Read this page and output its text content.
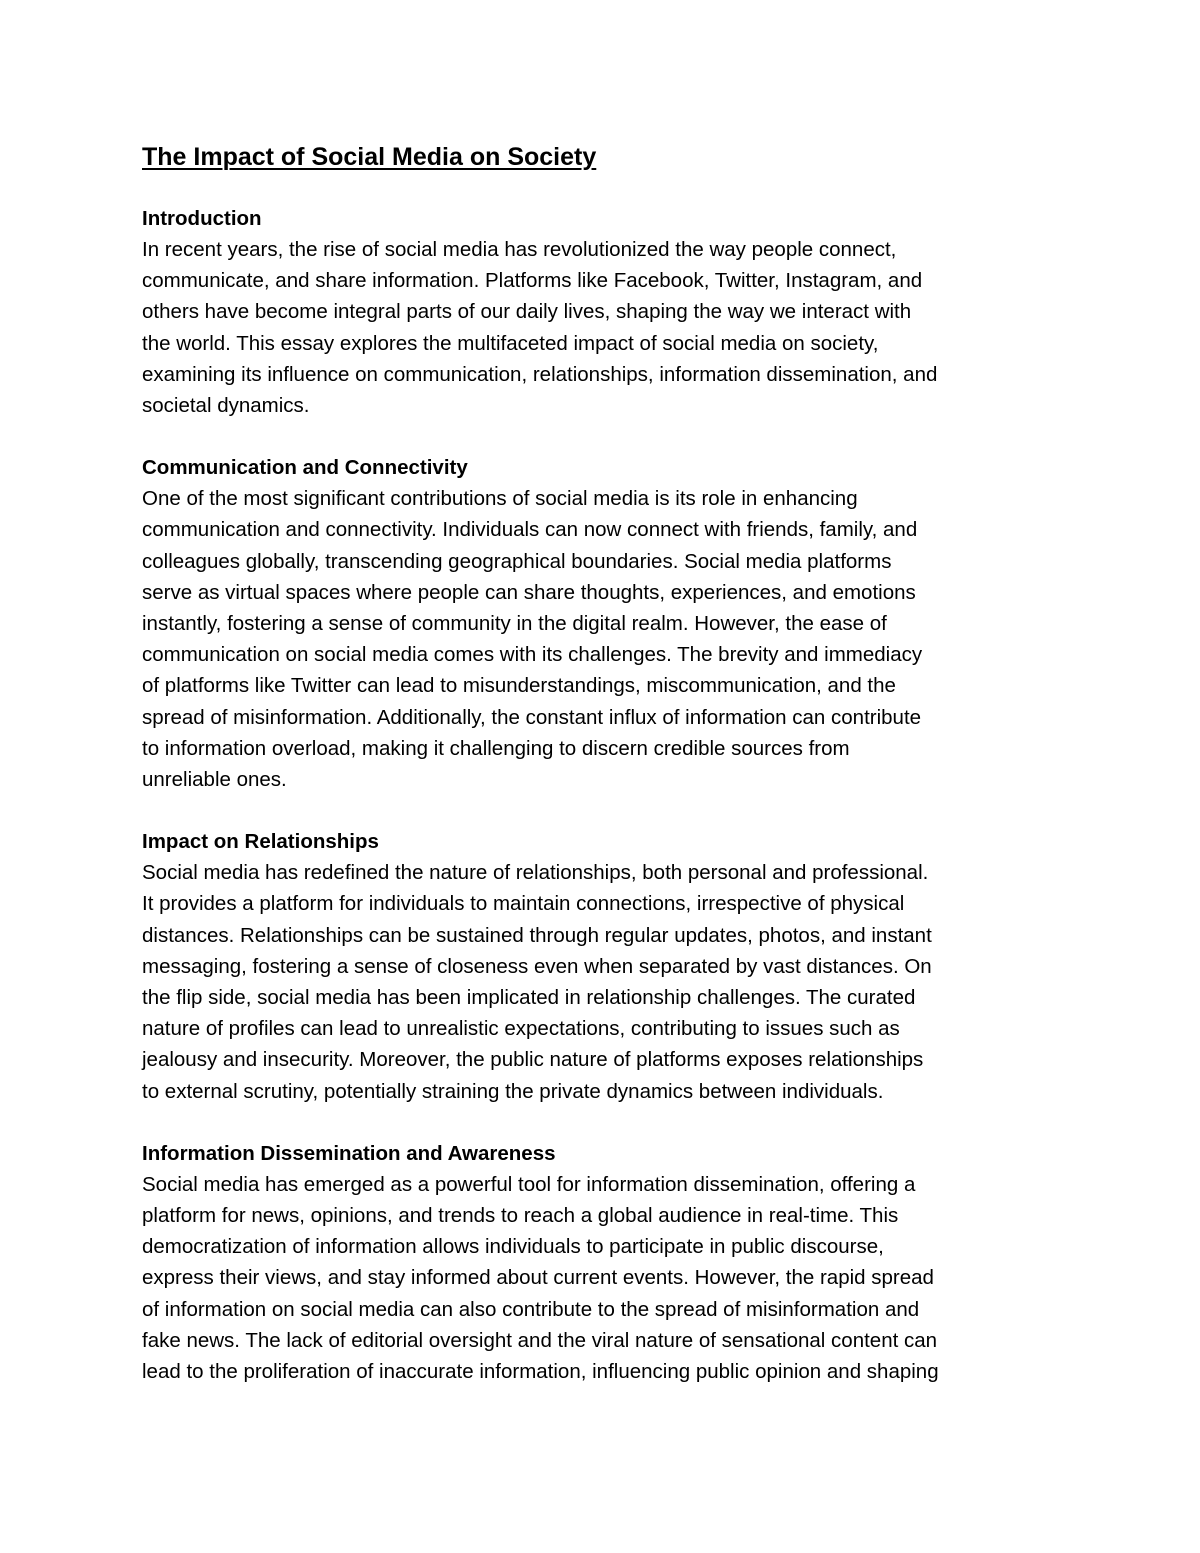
The Impact of Social Media on Society
Introduction

In recent years, the rise of social media has revolutionized the way people connect,
communicate, and share information. Platforms like Facebook, Twitter, Instagram, and
others have become integral parts of our daily lives, shaping the way we interact with
the world. This essay explores the multifaceted impact of social media on society,
examining its influence on communication, relationships, information dissemination, and
societal dynamics.

Communication and Connectivity

One of the most significant contributions of social media is its role in enhancing
communication and connectivity. Individuals can now connect with friends, family, and
colleagues globally, transcending geographical boundaries. Social media platforms
serve as virtual spaces where people can share thoughts, experiences, and emotions
instantly, fostering a sense of community in the digital realm. However, the ease of
communication on social media comes with its challenges. The brevity and immediacy
of platforms like Twitter can lead to misunderstandings, miscommunication, and the
spread of misinformation. Additionally, the constant influx of information can contribute
to information overload, making it challenging to discern credible sources from
unreliable ones.

Impact on Relationships

Social media has redefined the nature of relationships, both personal and professional.
It provides a platform for individuals to maintain connections, irrespective of physical
distances. Relationships can be sustained through regular updates, photos, and instant
messaging, fostering a sense of closeness even when separated by vast distances. On
the flip side, social media has been implicated in relationship challenges. The curated
nature of profiles can lead to unrealistic expectations, contributing to issues such as
jealousy and insecurity. Moreover, the public nature of platforms exposes relationships
to external scrutiny, potentially straining the private dynamics between individuals.

Information Dissemination and Awareness

Social media has emerged as a powerful tool for information dissemination, offering a
platform for news, opinions, and trends to reach a global audience in real-time. This
democratization of information allows individuals to participate in public discourse,
express their views, and stay informed about current events. However, the rapid spread
of information on social media can also contribute to the spread of misinformation and
fake news. The lack of editorial oversight and the viral nature of sensational content can
lead to the proliferation of inaccurate information, influencing public opinion and shaping
